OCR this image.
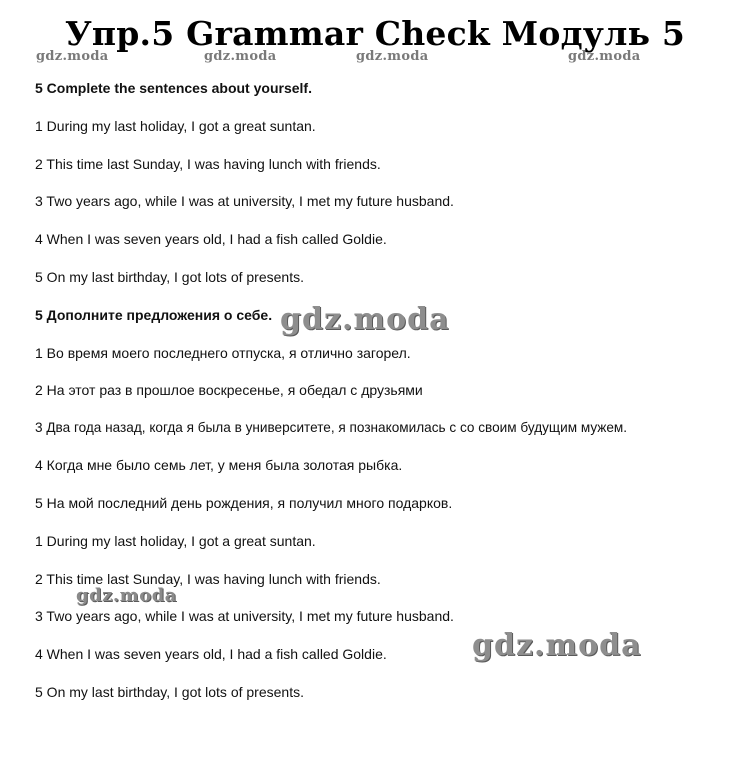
Упр.5 Grammar Check Модуль 5
gdz.moda	gdz.moda	gdz.moda	gdz.moda
5 Complete the sentences about yourself.
1 During my last holiday, I got a great suntan.
2 This time last Sunday, I was having lunch with friends.
3 Two years ago, while I was at university, I met my future husband.
4 When I was seven years old, I had a fish called Goldie.
5 On my last birthday, I got lots of presents.
5 Дополните предложения о себе. gdz.moda
1 Во время моего последнего отпуска, я отлично загорел.
2 На этот раз в прошлое воскресенье, я обедал с друзьями
3 Два года назад, когда я была в университете, я познакомилась с со своим будущим мужем.
4 Когда мне было семь лет, у меня была золотая рыбка.
5 На мой последний день рождения, я получил много подарков.
1 During my last holiday, I got a great suntan.
2 This time last Sunday, I was having lunch with friends.
gdz.moda
3 Two years ago, while I was at university, I met my future husband.
gdz.moda
4 When I was seven years old, I had a fish called Goldie.
5 On my last birthday, I got lots of presents.
